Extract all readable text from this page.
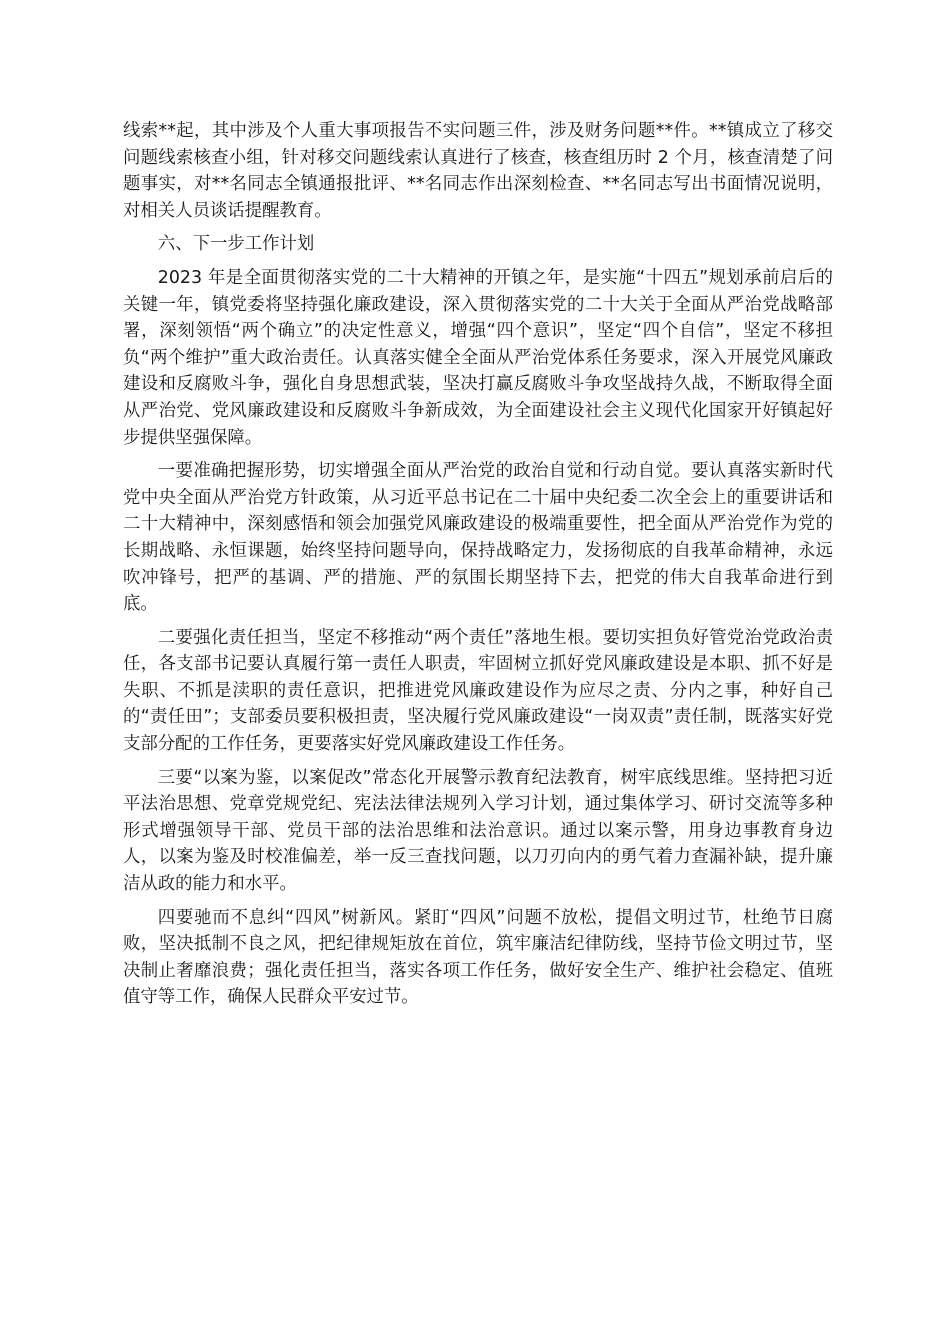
线索**起，其中涉及个人重大事项报告不实问题三件，涉及财务问题**件。**镇成立了移交问题线索核查小组，针对移交问题线索认真进行了核查，核查组历时 2 个月，核查清楚了问题事实，对**名同志全镇通报批评、**名同志作出深刻检查、**名同志写出书面情况说明，对相关人员谈话提醒教育。

六、下一步工作计划

2023 年是全面贯彻落实党的二十大精神的开镇之年，是实施“十四五”规划承前启后的关键一年，镇党委将坚持强化廉政建设，深入贯彻落实党的二十大关于全面从严治党战略部署，深刻领悟“两个确立”的决定性意义，增强“四个意识”，坚定“四个自信”，坚定不移担负“两个维护”重大政治责任。认真落实健全全面从严治党体系任务要求，深入开展党风廉政建设和反腐败斗争，强化自身思想武装，坚决打赢反腐败斗争攻坚战持久战，不断取得全面从严治党、党风廉政建设和反腐败斗争新成效，为全面建设社会主义现代化国家开好镇起好步提供坚强保障。

一要准确把握形势，切实增强全面从严治党的政治自觉和行动自觉。要认真落实新时代党中央全面从严治党方针政策，从习近平总书记在二十届中央纪委二次全会上的重要讲话和二十大精神中，深刻感悟和领会加强党风廉政建设的极端重要性，把全面从严治党作为党的长期战略、永恒课题，始终坚持问题导向，保持战略定力，发扬彻底的自我革命精神，永远吹冲锋号，把严的基调、严的措施、严的氛围长期坚持下去，把党的伟大自我革命进行到底。

二要强化责任担当，坚定不移推动“两个责任”落地生根。要切实担负好管党治党政治责任，各支部书记要认真履行第一责任人职责，牢固树立抓好党风廉政建设是本职、抓不好是失职、不抓是渎职的责任意识，把推进党风廉政建设作为应尽之责、分内之事，种好自己的“责任田”；支部委员要积极担责，坚决履行党风廉政建设“一岗双责”责任制，既落实好党支部分配的工作任务，更要落实好党风廉政建设工作任务。

三要“以案为鉴，以案促改”常态化开展警示教育纪法教育，树牢底线思维。坚持把习近平法治思想、党章党规党纪、宪法法律法规列入学习计划，通过集体学习、研讨交流等多种形式增强领导干部、党员干部的法治思维和法治意识。通过以案示警，用身边事教育身边人，以案为鉴及时校准偏差，举一反三查找问题，以刀刃向内的勇气着力查漏补缺，提升廉洁从政的能力和水平。

四要驰而不息纠“四风”树新风。紧盯“四风”问题不放松，提倡文明过节，杜绝节日腐败，坚决抵制不良之风，把纪律规矩放在首位，筑牢廉洁纪律防线，坚持节俭文明过节，坚决制止奢靡浪费；强化责任担当，落实各项工作任务，做好安全生产、维护社会稳定、值班值守等工作，确保人民群众平安过节。
